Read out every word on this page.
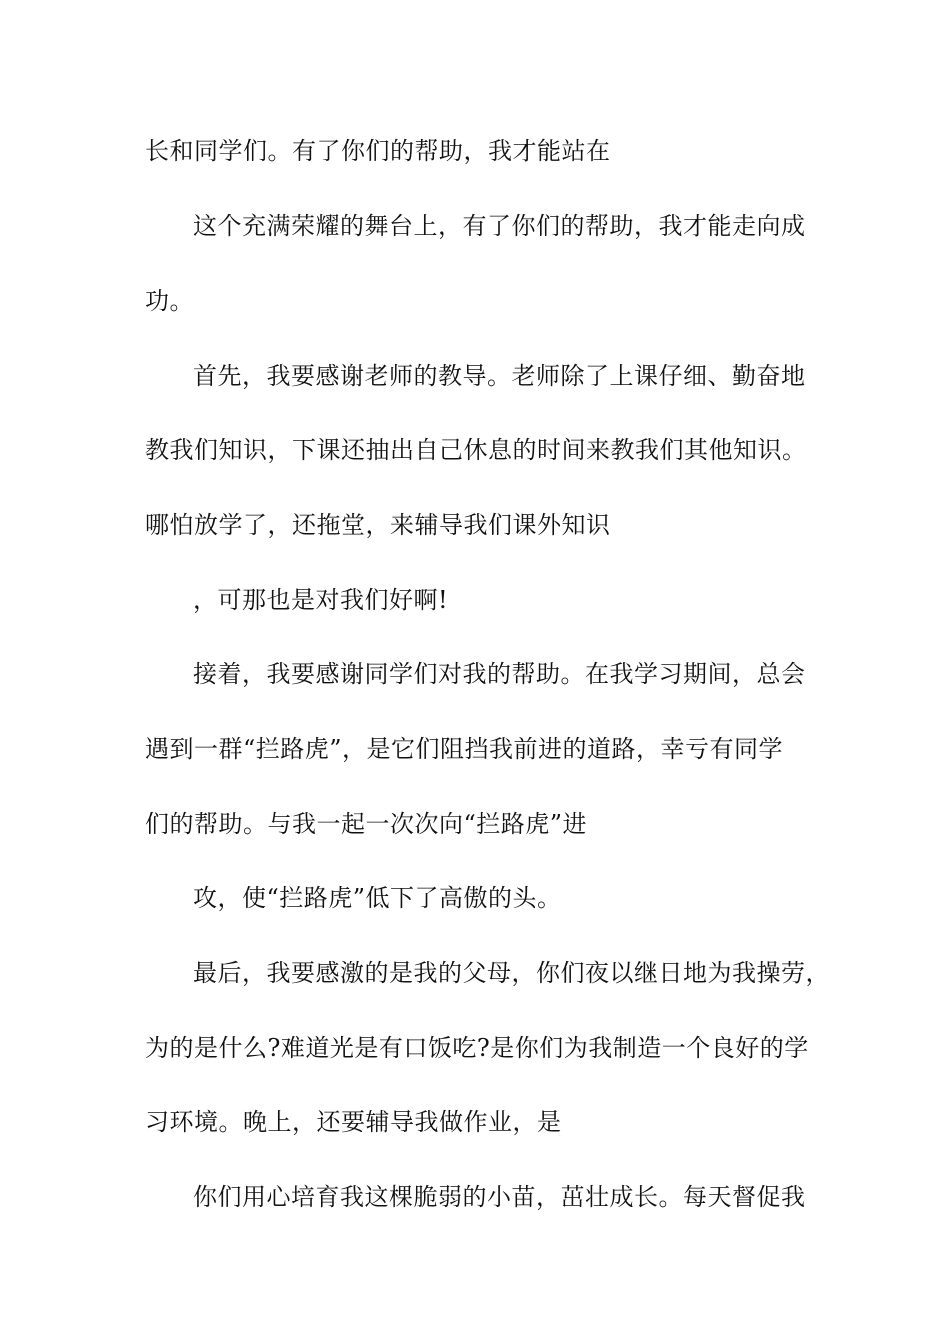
长和同学们。有了你们的帮助，我才能站在
这个充满荣耀的舞台上，有了你们的帮助，我才能走向成
功。
首先，我要感谢老师的教导。老师除了上课仔细、勤奋地
教我们知识，下课还抽出自己休息的时间来教我们其他知识。
哪怕放学了，还拖堂，来辅导我们课外知识
，可那也是对我们好啊!
接着，我要感谢同学们对我的帮助。在我学习期间，总会
遇到一群“拦路虎”，是它们阻挡我前进的道路，幸亏有同学
们的帮助。与我一起一次次向“拦路虎”进
攻，使“拦路虎”低下了高傲的头。
最后，我要感激的是我的父母，你们夜以继日地为我操劳，
为的是什么?难道光是有口饭吃?是你们为我制造一个良好的学
习环境。晚上，还要辅导我做作业，是
你们用心培育我这棵脆弱的小苗，茁壮成长。每天督促我
